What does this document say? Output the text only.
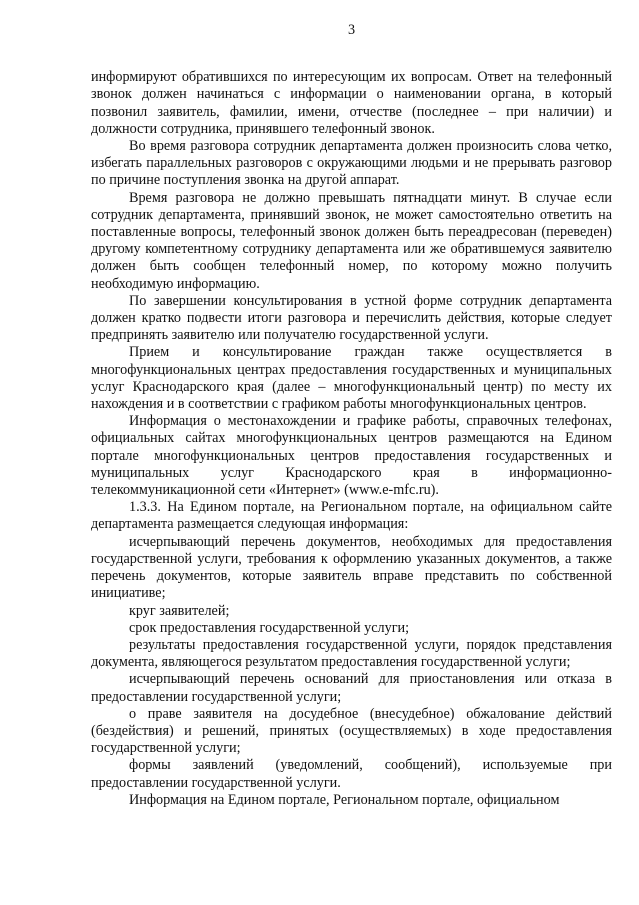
3

информируют обратившихся по интересующим их вопросам. Ответ на телефонный звонок должен начинаться с информации о наименовании органа, в который позвонил заявитель, фамилии, имени, отчестве (последнее – при наличии) и должности сотрудника, принявшего телефонный звонок.

Во время разговора сотрудник департамента должен произносить слова четко, избегать параллельных разговоров с окружающими людьми и не прерывать разговор по причине поступления звонка на другой аппарат.

Время разговора не должно превышать пятнадцати минут. В случае если сотрудник департамента, принявший звонок, не может самостоятельно ответить на поставленные вопросы, телефонный звонок должен быть переадресован (переведен) другому компетентному сотруднику департамента или же обратившемуся заявителю должен быть сообщен телефонный номер, по которому можно получить необходимую информацию.

По завершении консультирования в устной форме сотрудник департамента должен кратко подвести итоги разговора и перечислить действия, которые следует предпринять заявителю или получателю государственной услуги.

Прием и консультирование граждан также осуществляется в многофункциональных центрах предоставления государственных и муниципальных услуг Краснодарского края (далее – многофункциональный центр) по месту их нахождения и в соответствии с графиком работы многофункциональных центров.

Информация о местонахождении и графике работы, справочных телефонах, официальных сайтах многофункциональных центров размещаются на Едином портале многофункциональных центров предоставления государственных и муниципальных услуг Краснодарского края в информационно-телекоммуникационной сети «Интернет» (www.e-mfc.ru).

1.3.3. На Едином портале, на Региональном портале, на официальном сайте департамента размещается следующая информация:

исчерпывающий перечень документов, необходимых для предоставления государственной услуги, требования к оформлению указанных документов, а также перечень документов, которые заявитель вправе представить по собственной инициативе;

круг заявителей;

срок предоставления государственной услуги;

результаты предоставления государственной услуги, порядок представления документа, являющегося результатом предоставления государственной услуги;

исчерпывающий перечень оснований для приостановления или отказа в предоставлении государственной услуги;

о праве заявителя на досудебное (внесудебное) обжалование действий (бездействия) и решений, принятых (осуществляемых) в ходе предоставления государственной услуги;

формы заявлений (уведомлений, сообщений), используемые при предоставлении государственной услуги.

Информация на Едином портале, Региональном портале, официальном
